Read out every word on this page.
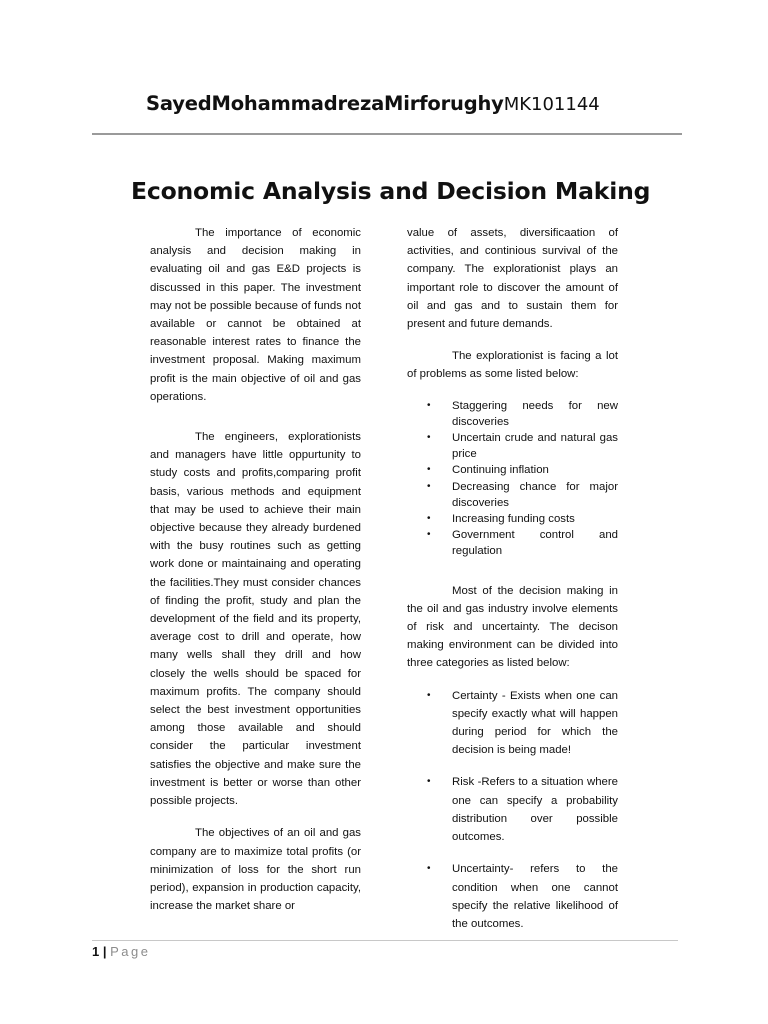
SayedMohammadrezaMirforughyMK101144
Economic Analysis and Decision Making

The importance of economic analysis and decision making in evaluating oil and gas E&D projects is discussed in this paper. The investment may not be possible because of funds not available or cannot be obtained at reasonable interest rates to finance the investment proposal. Making maximum profit is the main objective of oil and gas operations.

The engineers, explorationists and managers have little oppurtunity to study costs and profits,comparing profit basis, various methods and equipment that may be used to achieve their main objective because they already burdened with the busy routines such as getting work done or maintainaing and operating the facilities.They must consider chances of finding the profit, study and plan the development of the field and its property, average cost to drill and operate, how many wells shall they drill and how closely the wells should be spaced for maximum profits. The company should select the best investment opportunities among those available and should consider the particular investment satisfies the objective and make sure the investment is better or worse than other possible projects.

The objectives of an oil and gas company are to maximize total profits (or minimization of loss for the short run period), expansion in production capacity, increase the market share or

value of assets, diversificaation of activities, and continious survival of the company. The explorationist plays an important role to discover the amount of oil and gas and to sustain them for present and future demands.

The explorationist is facing a lot of problems as some listed below:

• Staggering needs for new discoveries
• Uncertain crude and natural gas price
• Continuing inflation
• Decreasing chance for major discoveries
• Increasing funding costs
• Government control and regulation

Most of the decision making in the oil and gas industry involve elements of risk and uncertainty. The decison making environment can be divided into three categories as listed below:

• Certainty - Exists when one can specify exactly what will happen during period for which the decision is being made!
• Risk -Refers to a situation where one can specify a probability distribution over possible outcomes.
• Uncertainty- refers to the condition when one cannot specify the relative likelihood of the outcomes.
1 | Page
